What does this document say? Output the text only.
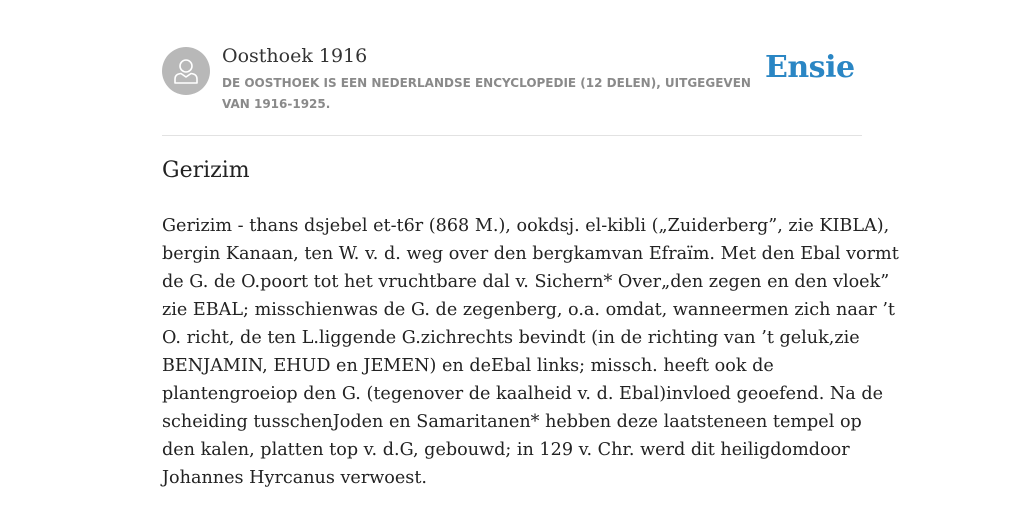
Oosthoek 1916
DE OOSTHOEK IS EEN NEDERLANDSE ENCYCLOPEDIE (12 DELEN), UITGEGEVEN VAN 1916-1925.
Ensie
Gerizim

Gerizim - thans dsjebel et-t6r (868 M.), ookdsj. el-kibli („Zuiderberg”, zie KIBLA),
bergin Kanaan, ten W. v. d. weg over den bergkamvan Efraïm. Met den Ebal vormt
de G. de O.poort tot het vruchtbare dal v. Sichern* Over„den zegen en den vloek”
zie EBAL; misschienwas de G. de zegenberg, o.a. omdat, wanneermen zich naar ’t
O. richt, de ten L.liggende G.zichrechts bevindt (in de richting van ’t geluk,zie
BENJAMIN, EHUD en JEMEN) en deEbal links; missch. heeft ook de
plantengroeiop den G. (tegenover de kaalheid v. d. Ebal)invloed geoefend. Na de
scheiding tusschenJoden en Samaritanen* hebben deze laatsteneen tempel op
den kalen, platten top v. d.G, gebouwd; in 129 v. Chr. werd dit heiligdomdoor
Johannes Hyrcanus verwoest.
